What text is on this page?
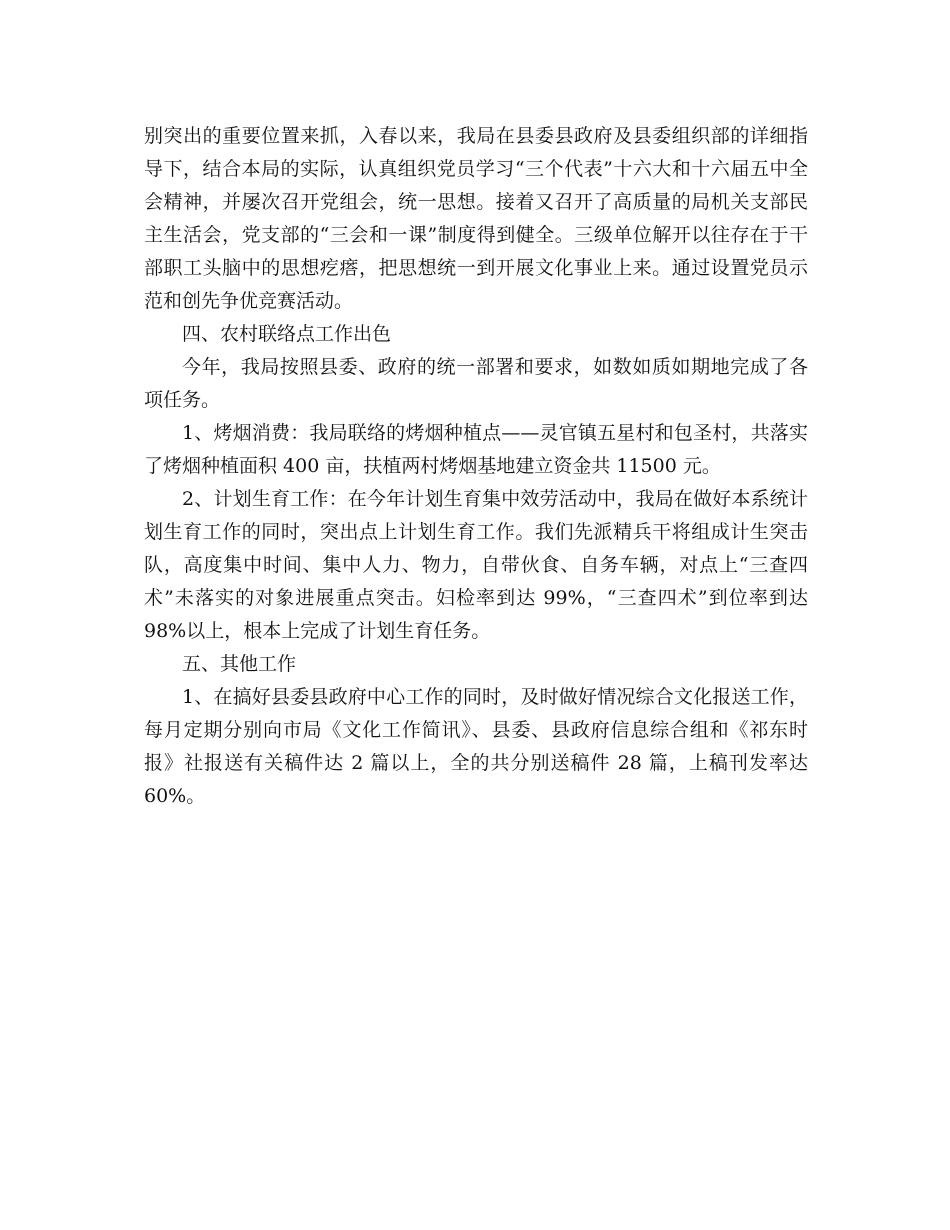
别突出的重要位置来抓，入春以来，我局在县委县政府及县委组织部的详细指导下，结合本局的实际，认真组织党员学习“三个代表”十六大和十六届五中全会精神，并屡次召开党组会，统一思想。接着又召开了高质量的局机关支部民主生活会，党支部的“三会和一课”制度得到健全。三级单位解开以往存在于干部职工头脑中的思想疙瘩，把思想统一到开展文化事业上来。通过设置党员示范和创先争优竞赛活动。

四、农村联络点工作出色

今年，我局按照县委、政府的统一部署和要求，如数如质如期地完成了各项任务。

1、烤烟消费：我局联络的烤烟种植点——灵官镇五星村和包圣村，共落实了烤烟种植面积 400 亩，扶植两村烤烟基地建立资金共 11500 元。

2、计划生育工作：在今年计划生育集中效劳活动中，我局在做好本系统计划生育工作的同时，突出点上计划生育工作。我们先派精兵干将组成计生突击队，高度集中时间、集中人力、物力，自带伙食、自务车辆，对点上“三查四术”未落实的对象进展重点突击。妇检率到达 99%，“三查四术”到位率到达 98%以上，根本上完成了计划生育任务。

五、其他工作

1、在搞好县委县政府中心工作的同时，及时做好情况综合文化报送工作，每月定期分别向市局《文化工作简讯》、县委、县政府信息综合组和《祁东时报》社报送有关稿件达 2 篇以上，全的共分别送稿件 28 篇，上稿刊发率达 60%。
